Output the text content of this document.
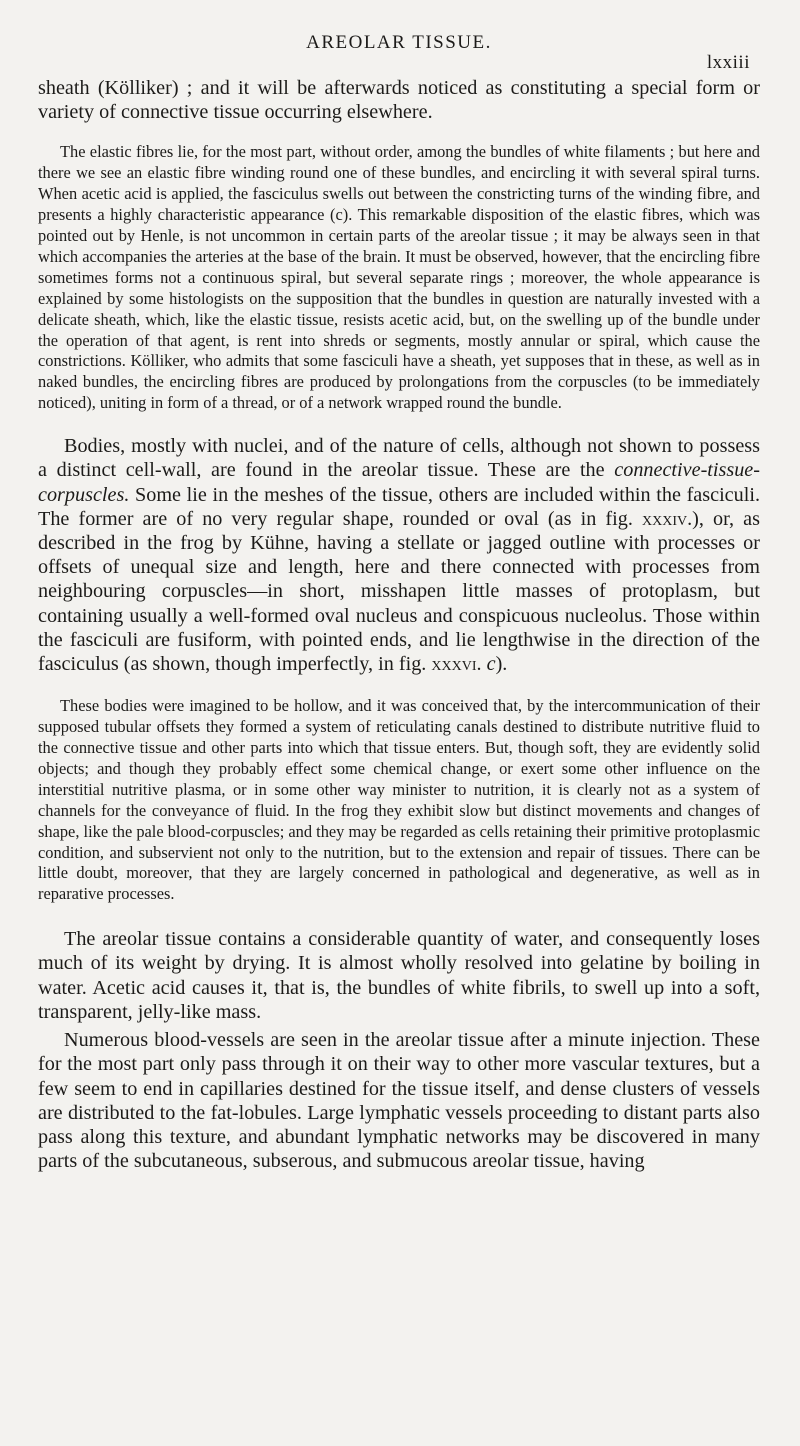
AREOLAR TISSUE.
lxxiii

sheath (Kölliker) ; and it will be afterwards noticed as constituting a special form or variety of connective tissue occurring elsewhere.

The elastic fibres lie, for the most part, without order, among the bundles of white filaments ; but here and there we see an elastic fibre winding round one of these bundles, and encircling it with several spiral turns. When acetic acid is applied, the fasciculus swells out between the constricting turns of the winding fibre, and presents a highly characteristic appearance (c). This remarkable disposition of the elastic fibres, which was pointed out by Henle, is not uncommon in certain parts of the areolar tissue ; it may be always seen in that which accompanies the arteries at the base of the brain. It must be observed, however, that the encircling fibre sometimes forms not a continuous spiral, but several separate rings ; moreover, the whole appearance is explained by some histologists on the supposition that the bundles in question are naturally invested with a delicate sheath, which, like the elastic tissue, resists acetic acid, but, on the swelling up of the bundle under the operation of that agent, is rent into shreds or segments, mostly annular or spiral, which cause the constrictions. Kölliker, who admits that some fasciculi have a sheath, yet supposes that in these, as well as in naked bundles, the encircling fibres are produced by prolongations from the corpuscles (to be immediately noticed), uniting in form of a thread, or of a network wrapped round the bundle.

Bodies, mostly with nuclei, and of the nature of cells, although not shown to possess a distinct cell-wall, are found in the areolar tissue. These are the connective-tissue-corpuscles. Some lie in the meshes of the tissue, others are included within the fasciculi. The former are of no very regular shape, rounded or oval (as in fig. xxxiv.), or, as described in the frog by Kühne, having a stellate or jagged outline with processes or offsets of unequal size and length, here and there connected with processes from neighbouring corpuscles—in short, misshapen little masses of protoplasm, but containing usually a well-formed oval nucleus and conspicuous nucleolus. Those within the fasciculi are fusiform, with pointed ends, and lie lengthwise in the direction of the fasciculus (as shown, though imperfectly, in fig. xxxvi. c).

These bodies were imagined to be hollow, and it was conceived that, by the intercommunication of their supposed tubular offsets they formed a system of reticulating canals destined to distribute nutritive fluid to the connective tissue and other parts into which that tissue enters. But, though soft, they are evidently solid objects; and though they probably effect some chemical change, or exert some other influence on the interstitial nutritive plasma, or in some other way minister to nutrition, it is clearly not as a system of channels for the conveyance of fluid. In the frog they exhibit slow but distinct movements and changes of shape, like the pale blood-corpuscles; and they may be regarded as cells retaining their primitive protoplasmic condition, and subservient not only to the nutrition, but to the extension and repair of tissues. There can be little doubt, moreover, that they are largely concerned in pathological and degenerative, as well as in reparative processes.

The areolar tissue contains a considerable quantity of water, and consequently loses much of its weight by drying. It is almost wholly resolved into gelatine by boiling in water. Acetic acid causes it, that is, the bundles of white fibrils, to swell up into a soft, transparent, jelly-like mass.

Numerous blood-vessels are seen in the areolar tissue after a minute injection. These for the most part only pass through it on their way to other more vascular textures, but a few seem to end in capillaries destined for the tissue itself, and dense clusters of vessels are distributed to the fat-lobules. Large lymphatic vessels proceeding to distant parts also pass along this texture, and abundant lymphatic networks may be discovered in many parts of the subcutaneous, subserous, and submucous areolar tissue, having
